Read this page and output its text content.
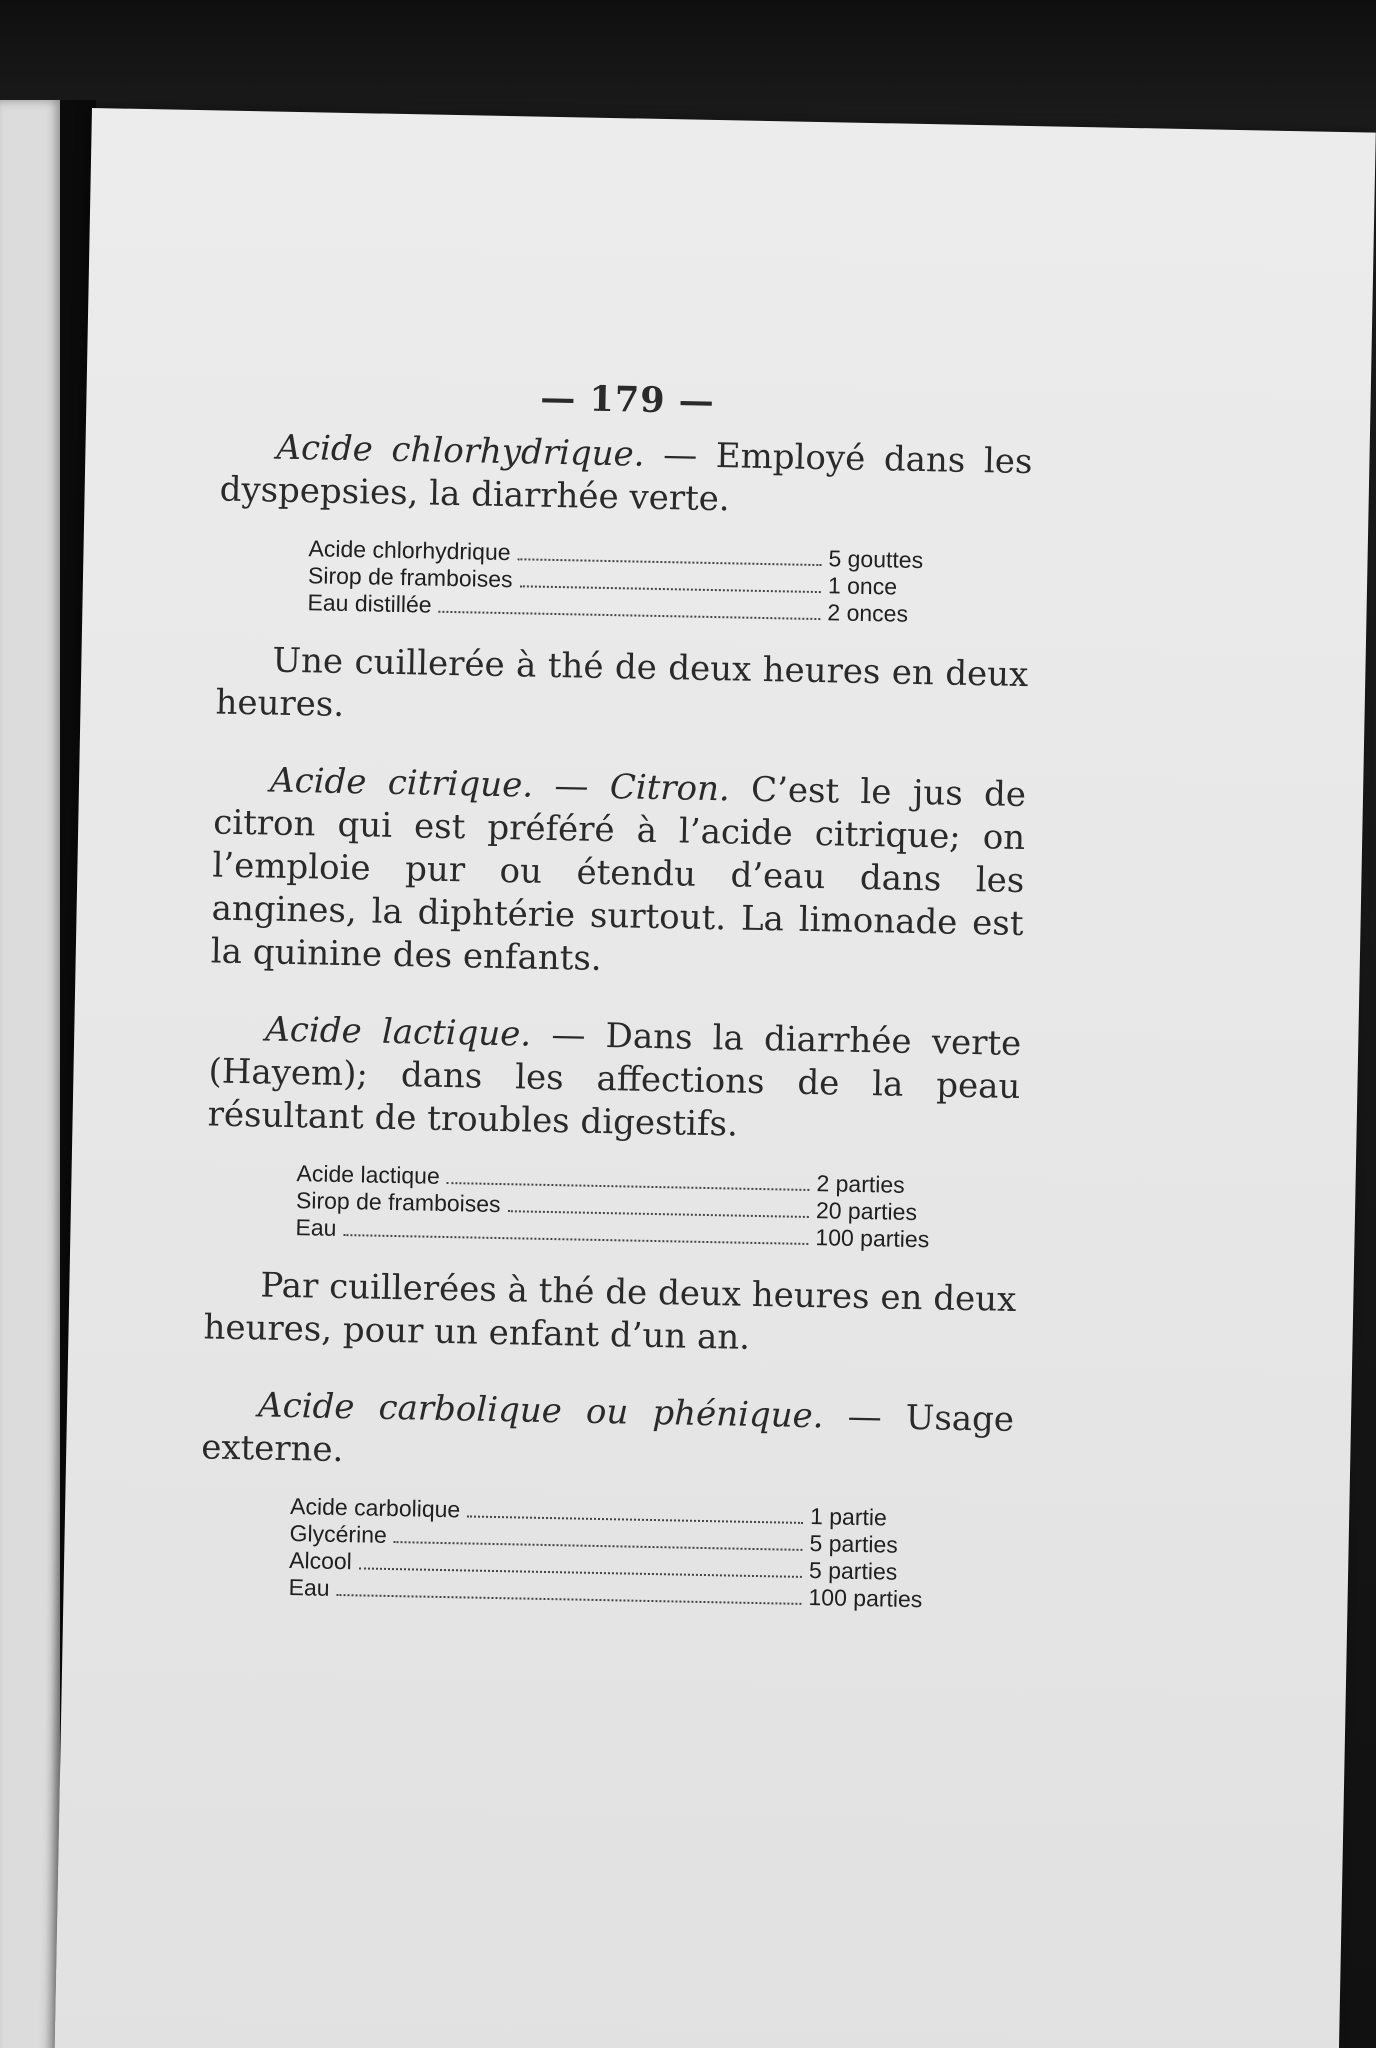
— 179 —

Acide chlorhydrique. — Employé dans les dyspepsies, la diarrhée verte.

Acide chlorhydrique	5 gouttes
Sirop de framboises	1 once
Eau distillée	2 onces

Une cuillerée à thé de deux heures en deux heures.

Acide citrique. — Citron. C’est le jus de citron qui est préféré à l’acide citrique; on l’emploie pur ou étendu d’eau dans les angines, la diphtérie surtout. La limonade est la quinine des enfants.

Acide lactique. — Dans la diarrhée verte (Hayem); dans les affections de la peau résultant de troubles digestifs.

Acide lactique	2 parties
Sirop de framboises	20 parties
Eau	100 parties

Par cuillerées à thé de deux heures en deux heures, pour un enfant d’un an.

Acide carbolique ou phénique. — Usage externe.

Acide carbolique	1 partie
Glycérine	5 parties
Alcool	5 parties
Eau	100 parties
